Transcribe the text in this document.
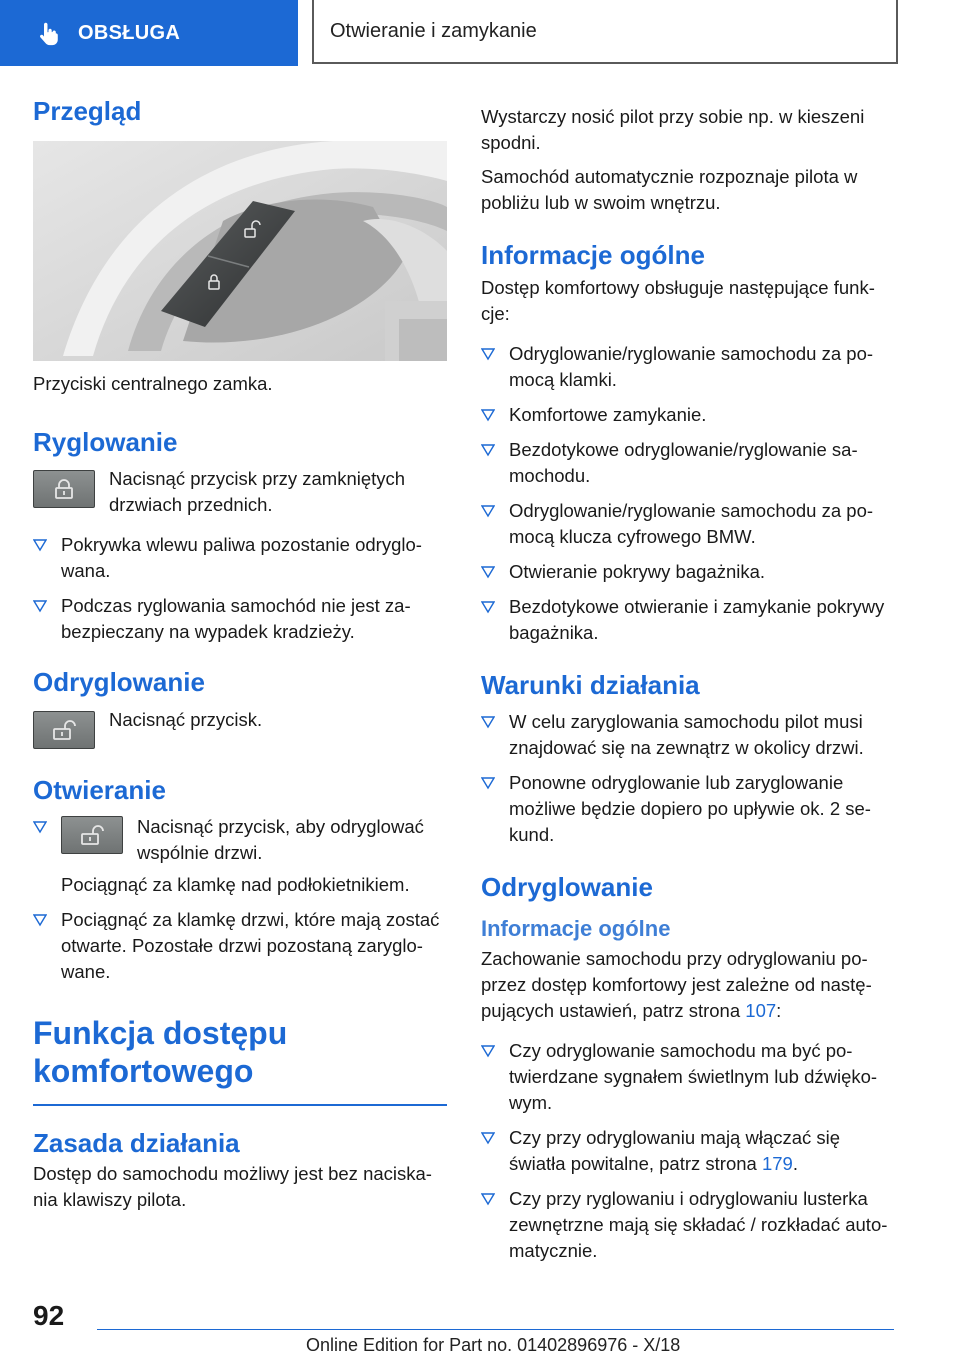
OBSŁUGA	Otwieranie i zamykanie
Przegląd

Przyciski centralnego zamka.

Ryglowanie

Nacisnąć przycisk przy zamkniętych drzwiach przednich.

Pokrywka wlewu paliwa pozostanie odryglo-wana.
Podczas ryglowania samochód nie jest za-bezpieczany na wypadek kradzieży.
Odryglowanie

Nacisnąć przycisk.

Otwieranie
Nacisnąć przycisk, aby odryglować wspólnie drzwi.
Pociągnąć za klamkę nad podłokietnikiem.
Pociągnąć za klamkę drzwi, które mają zostać otwarte. Pozostałe drzwi pozostaną zaryglo-wane.
Funkcja dostępu
komfortowego
Zasada działania

Dostęp do samochodu możliwy jest bez naciska-nia klawiszy pilota.

Wystarczy nosić pilot przy sobie np. w kieszeni spodni.

Samochód automatycznie rozpoznaje pilota w pobliżu lub w swoim wnętrzu.

Informacje ogólne

Dostęp komfortowy obsługuje następujące funk-cje:

Odryglowanie/ryglowanie samochodu za po-mocą klamki.
Komfortowe zamykanie.
Bezdotykowe odryglowanie/ryglowanie sa-mochodu.
Odryglowanie/ryglowanie samochodu za po-mocą klucza cyfrowego BMW.
Otwieranie pokrywy bagażnika.
Bezdotykowe otwieranie i zamykanie pokrywy bagażnika.
Warunki działania
W celu zaryglowania samochodu pilot musi znajdować się na zewnątrz w okolicy drzwi.
Ponowne odryglowanie lub zaryglowanie możliwe będzie dopiero po upływie ok. 2 se-kund.
Odryglowanie
Informacje ogólne

Zachowanie samochodu przy odryglowaniu po-przez dostęp komfortowy jest zależne od nastę-pujących ustawień, patrz strona 107:

Czy odryglowanie samochodu ma być po-twierdzane sygnałem świetlnym lub dźwięko-wym.
Czy przy odryglowaniu mają włączać się światła powitalne, patrz strona 179.
Czy przy ryglowaniu i odryglowaniu lusterka zewnętrzne mają się składać / rozkładać auto-matycznie.
92
Online Edition for Part no. 01402896976 - X/18
